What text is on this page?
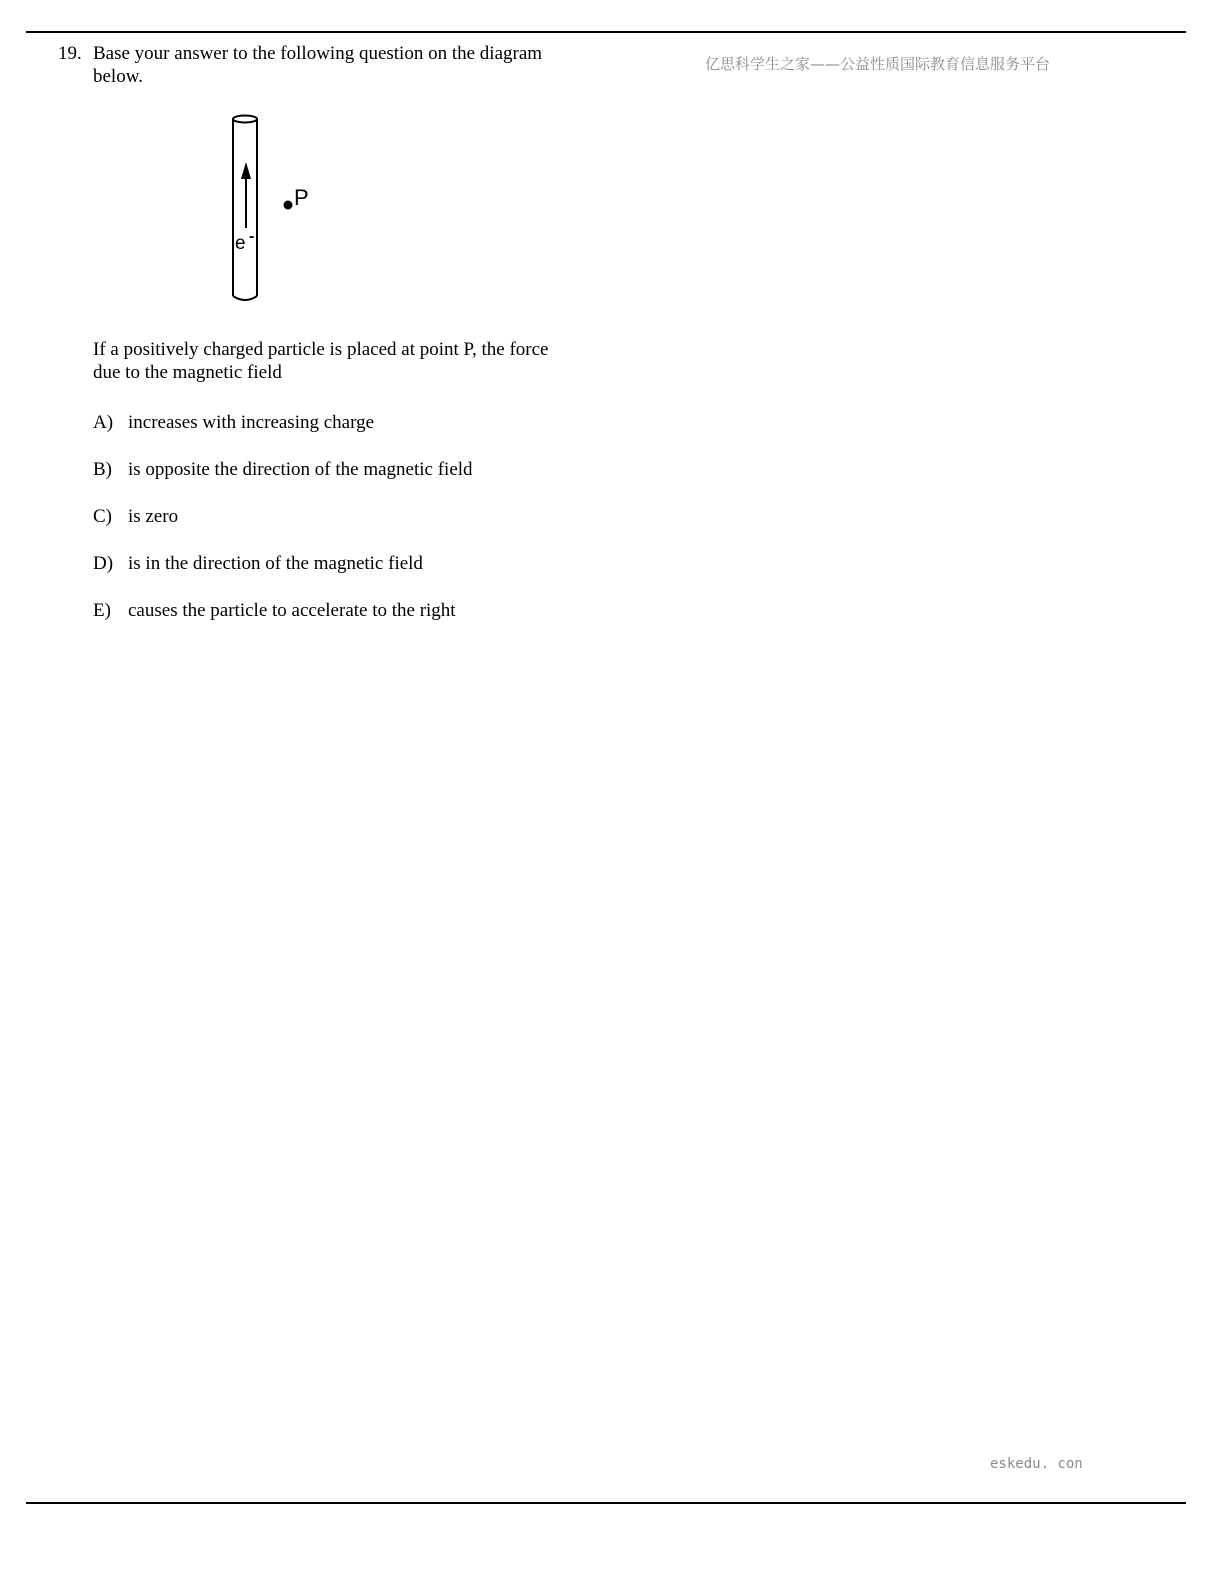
亿思科学生之家——公益性质国际教育信息服务平台
19. Base your answer to the following question on the diagram below.
e -
P
If a positively charged particle is placed at point P, the force due to the magnetic field
A) increases with increasing charge
B) is opposite the direction of the magnetic field
C) is zero
D) is in the direction of the magnetic field
E) causes the particle to accelerate to the right
eskedu. con
